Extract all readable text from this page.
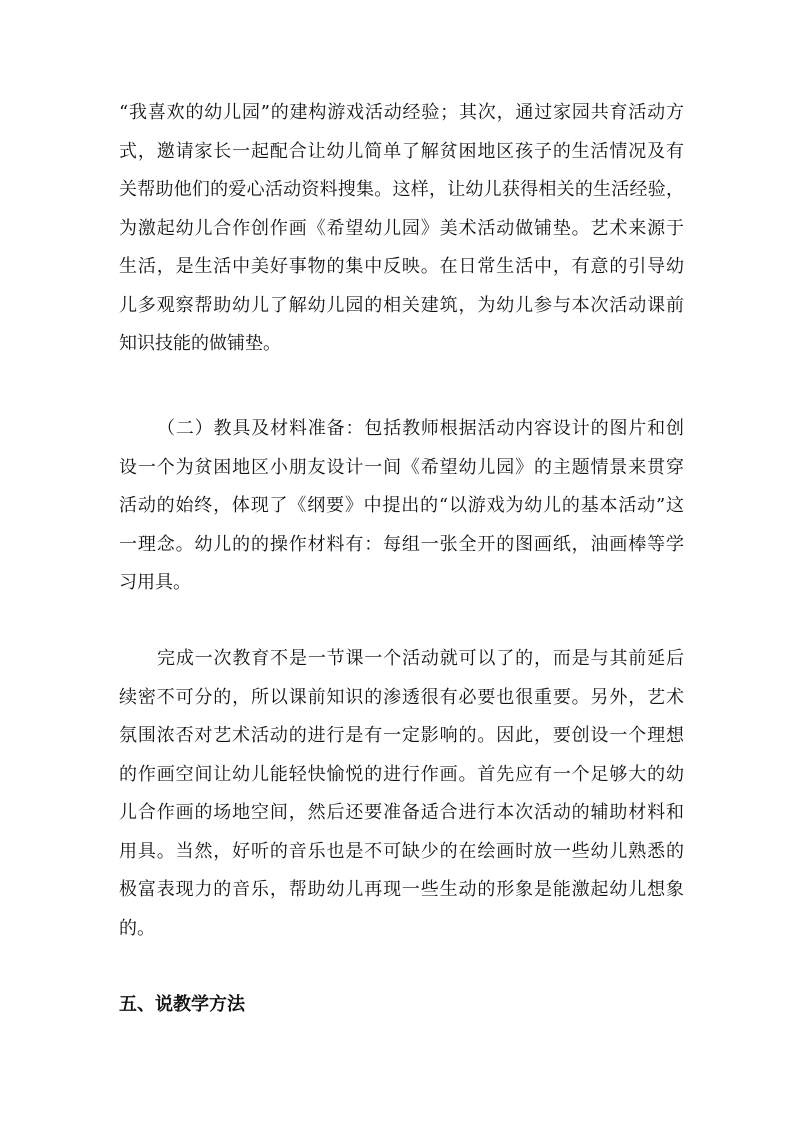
“我喜欢的幼儿园”的建构游戏活动经验；其次，通过家园共育活动方
式，邀请家长一起配合让幼儿简单了解贫困地区孩子的生活情况及有
关帮助他们的爱心活动资料搜集。这样，让幼儿获得相关的生活经验，
为激起幼儿合作创作画《希望幼儿园》美术活动做铺垫。艺术来源于
生活，是生活中美好事物的集中反映。在日常生活中，有意的引导幼
儿多观察帮助幼儿了解幼儿园的相关建筑，为幼儿参与本次活动课前
知识技能的做铺垫。
（二）教具及材料准备：包括教师根据活动内容设计的图片和创
设一个为贫困地区小朋友设计一间《希望幼儿园》的主题情景来贯穿
活动的始终，体现了《纲要》中提出的“以游戏为幼儿的基本活动”这
一理念。幼儿的的操作材料有：每组一张全开的图画纸，油画棒等学
习用具。
完成一次教育不是一节课一个活动就可以了的，而是与其前延后
续密不可分的，所以课前知识的渗透很有必要也很重要。另外，艺术
氛围浓否对艺术活动的进行是有一定影响的。因此，要创设一个理想
的作画空间让幼儿能轻快愉悦的进行作画。首先应有一个足够大的幼
儿合作画的场地空间，然后还要准备适合进行本次活动的辅助材料和
用具。当然，好听的音乐也是不可缺少的在绘画时放一些幼儿熟悉的
极富表现力的音乐，帮助幼儿再现一些生动的形象是能激起幼儿想象
的。
五、说教学方法
